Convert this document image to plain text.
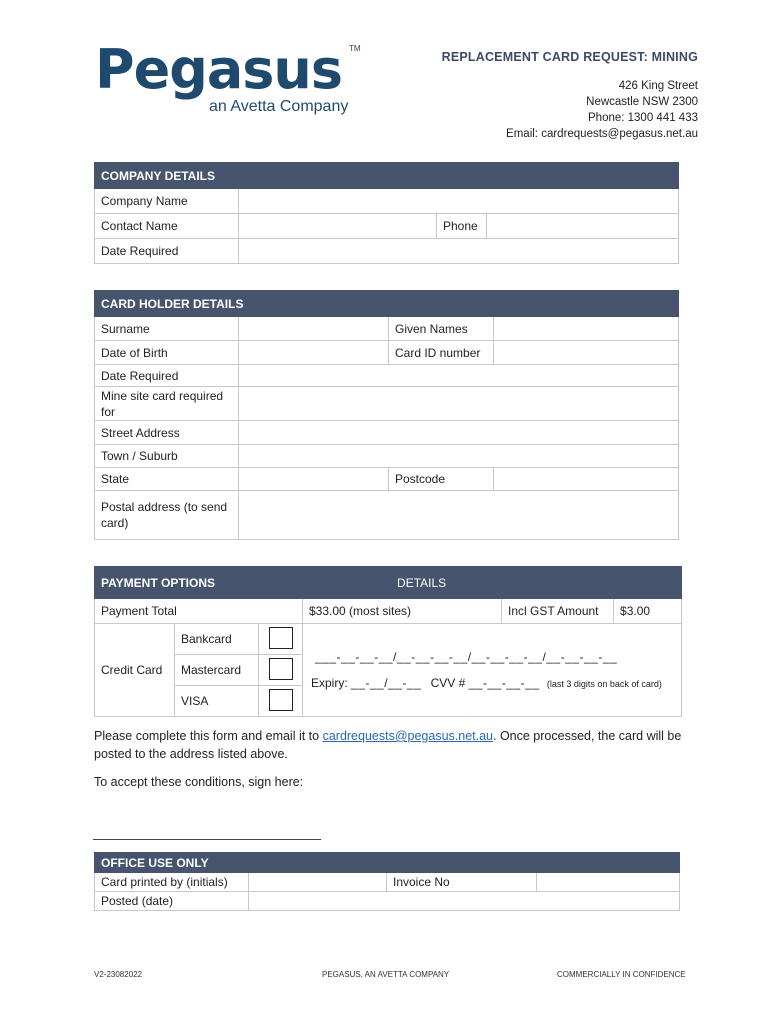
Pegasus TM
an Avetta Company
REPLACEMENT CARD REQUEST: MINING
426 King Street
Newcastle NSW 2300
Phone: 1300 441 433
Email: cardrequests@pegasus.net.au
COMPANY DETAILS			
Company Name			
Contact Name		Phone	
Date Required			
CARD HOLDER DETAILS			
Surname		Given Names	
Date of Birth		Card ID number	
Date Required			
Mine site card required for			
Street Address			
Town / Suburb			
State		Postcode	
Postal address (to send card)			
PAYMENT OPTIONS				DETAILS	
Payment Total			$33.00 (most sites)		Incl GST Amount $3.00

Credit Card	Bankcard		___-__-__-__/__-__-__-__/__-__-__-__/__-__-__-__
Expiry: __-__/__-__ CVV # __-__-__-__ (last 3 digits on back of card)		

	Mastercard				
	VISA				
Please complete this form and email it to cardrequests@pegasus.net.au. Once processed, the card will be posted to the address listed above.
To accept these conditions, sign here:
OFFICE USE ONLY			
Card printed by (initials)		Invoice No	
Posted (date)			
V2-23082022	PEGASUS, AN AVETTA COMPANY	COMMERCIALLY IN CONFIDENCE
